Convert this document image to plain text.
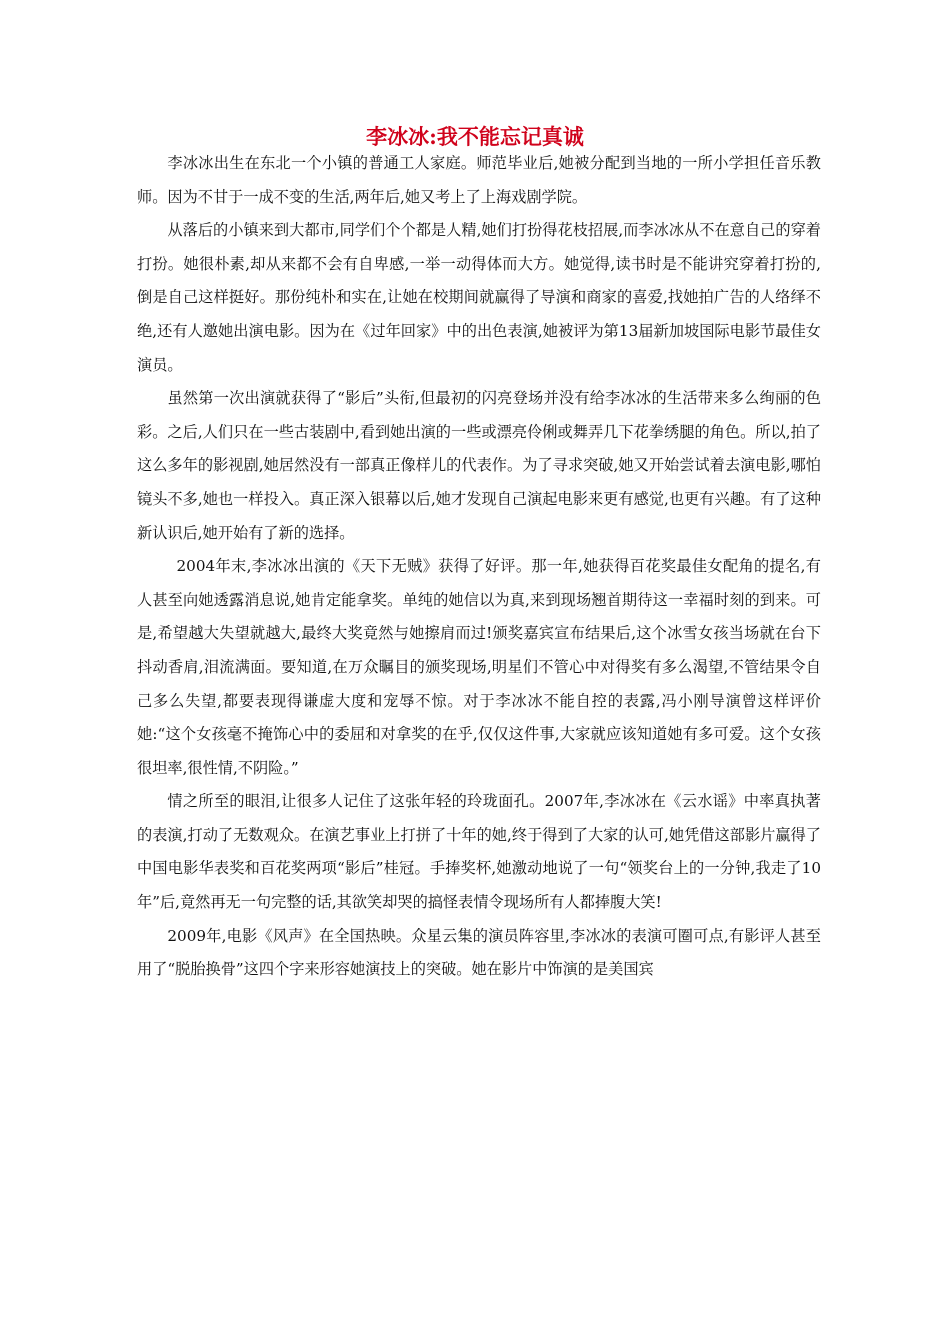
李冰冰:我不能忘记真诚

李冰冰出生在东北一个小镇的普通工人家庭。师范毕业后,她被分配到当地的一所小学担任音乐教师。因为不甘于一成不变的生活,两年后,她又考上了上海戏剧学院。

从落后的小镇来到大都市,同学们个个都是人精,她们打扮得花枝招展,而李冰冰从不在意自己的穿着打扮。她很朴素,却从来都不会有自卑感,一举一动得体而大方。她觉得,读书时是不能讲究穿着打扮的,倒是自己这样挺好。那份纯朴和实在,让她在校期间就赢得了导演和商家的喜爱,找她拍广告的人络绎不绝,还有人邀她出演电影。因为在《过年回家》中的出色表演,她被评为第13届新加坡国际电影节最佳女演员。

虽然第一次出演就获得了“影后”头衔,但最初的闪亮登场并没有给李冰冰的生活带来多么绚丽的色彩。之后,人们只在一些古装剧中,看到她出演的一些或漂亮伶俐或舞弄几下花拳绣腿的角色。所以,拍了这么多年的影视剧,她居然没有一部真正像样儿的代表作。为了寻求突破,她又开始尝试着去演电影,哪怕镜头不多,她也一样投入。真正深入银幕以后,她才发现自己演起电影来更有感觉,也更有兴趣。有了这种新认识后,她开始有了新的选择。

2004年末,李冰冰出演的《天下无贼》获得了好评。那一年,她获得百花奖最佳女配角的提名,有人甚至向她透露消息说,她肯定能拿奖。单纯的她信以为真,来到现场翘首期待这一幸福时刻的到来。可是,希望越大失望就越大,最终大奖竟然与她擦肩而过!颁奖嘉宾宣布结果后,这个冰雪女孩当场就在台下抖动香肩,泪流满面。要知道,在万众瞩目的颁奖现场,明星们不管心中对得奖有多么渴望,不管结果令自己多么失望,都要表现得谦虚大度和宠辱不惊。对于李冰冰不能自控的表露,冯小刚导演曾这样评价她:“这个女孩毫不掩饰心中的委屈和对拿奖的在乎,仅仅这件事,大家就应该知道她有多可爱。这个女孩很坦率,很性情,不阴险。”

情之所至的眼泪,让很多人记住了这张年轻的玲珑面孔。2007年,李冰冰在《云水谣》中率真执著的表演,打动了无数观众。在演艺事业上打拼了十年的她,终于得到了大家的认可,她凭借这部影片赢得了中国电影华表奖和百花奖两项“影后”桂冠。手捧奖杯,她激动地说了一句“领奖台上的一分钟,我走了10年”后,竟然再无一句完整的话,其欲笑却哭的搞怪表情令现场所有人都捧腹大笑!

2009年,电影《风声》在全国热映。众星云集的演员阵容里,李冰冰的表演可圈可点,有影评人甚至用了“脱胎换骨”这四个字来形容她演技上的突破。她在影片中饰演的是美国宾
